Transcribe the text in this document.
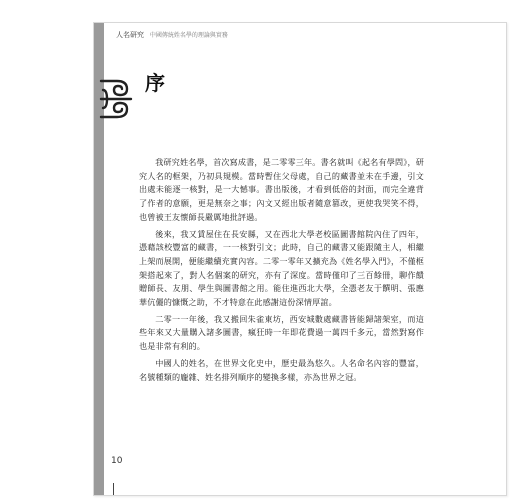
人名研究 中國傳統姓名學的理論與實務
序

我研究姓名學，首次寫成書，是二零零三年。書名就叫《起名有學問》，研究人名的框架，乃初具規模。當時暫住父母處，自己的藏書並未在手邊，引文出處未能逐一核對，是一大憾事。書出版後，才看到低俗的封面，而完全違背了作者的意願，更是無奈之事；內文又經出版者隨意篡改，更使我哭笑不得，也曾被王友懷師長嚴厲地批評過。

後來，我又賃屋住在長安縣，又在西北大學老校區圖書館院內住了四年，憑藉該校豐富的藏書，一一核對引文；此時，自己的藏書又能跟隨主人，相繼上架而展開，便能繼續充實內容。二零一零年又擴充為《姓名學入門》，不僅框架搭起來了，對人名個案的研究，亦有了深度。當時僅印了三百餘冊，聊作饋贈師長、友朋、學生與圖書館之用。能住進西北大學，全憑老友于饌明、張應華伉儷的慷慨之助，不才特意在此感謝這份深情厚誼。

二零一一年後，我又搬回朱雀東坊，西安城數處藏書皆能歸諸架室，而這些年來又大量購入諸多圖書，瘋狂時一年即花費過一萬四千多元，當然對寫作也是非常有利的。

中國人的姓名，在世界文化史中，歷史最為悠久。人名命名內容的豐富，名號種類的龐雜、姓名排列順序的變換多樣，亦為世界之冠。

10
